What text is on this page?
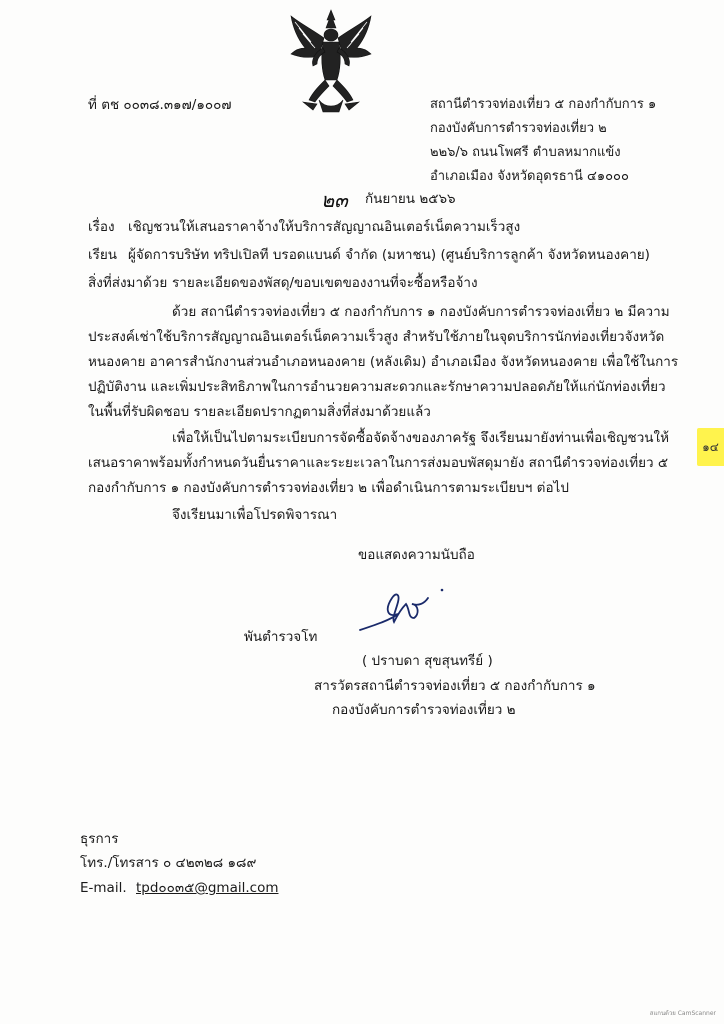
ที่ ตช ๐๐๓๘.๓๑๗/๑๐๐๗	สถานีตำรวจท่องเที่ยว ๕ กองกำกับการ ๑
กองบังคับการตำรวจท่องเที่ยว ๒
๒๒๖/๖ ถนนโพศรี ตำบลหมากแข้ง
อำเภอเมือง จังหวัดอุดรธานี ๔๑๐๐๐
๒๓ กันยายน ๒๕๖๖
เรื่อง เชิญชวนให้เสนอราคาจ้างให้บริการสัญญาณอินเตอร์เน็ตความเร็วสูง
เรียน ผู้จัดการบริษัท ทริปเปิลที บรอดแบนด์ จำกัด (มหาชน) (ศูนย์บริการลูกค้า จังหวัดหนองคาย)
สิ่งที่ส่งมาด้วย รายละเอียดของพัสดุ/ขอบเขตของงานที่จะซื้อหรือจ้าง
ด้วย สถานีตำรวจท่องเที่ยว ๕ กองกำกับการ ๑ กองบังคับการตำรวจท่องเที่ยว ๒ มีความ
ประสงค์เช่าใช้บริการสัญญาณอินเตอร์เน็ตความเร็วสูง สำหรับใช้ภายในจุดบริการนักท่องเที่ยวจังหวัด
หนองคาย อาคารสำนักงานส่วนอำเภอหนองคาย (หลังเดิม) อำเภอเมือง จังหวัดหนองคาย เพื่อใช้ในการ
ปฏิบัติงาน และเพิ่มประสิทธิภาพในการอำนวยความสะดวกและรักษาความปลอดภัยให้แก่นักท่องเที่ยว
ในพื้นที่รับผิดชอบ รายละเอียดปรากฏตามสิ่งที่ส่งมาด้วยแล้ว
เพื่อให้เป็นไปตามระเบียบการจัดซื้อจัดจ้างของภาครัฐ จึงเรียนมายังท่านเพื่อเชิญชวนให้
เสนอราคาพร้อมทั้งกำหนดวันยื่นราคาและระยะเวลาในการส่งมอบพัสดุมายัง สถานีตำรวจท่องเที่ยว ๕
กองกำกับการ ๑ กองบังคับการตำรวจท่องเที่ยว ๒ เพื่อดำเนินการตามระเบียบฯ ต่อไป
จึงเรียนมาเพื่อโปรดพิจารณา
ขอแสดงความนับถือ
พันตำรวจโท
( ปราบดา สุขสุนทรีย์ )
สารวัตรสถานีตำรวจท่องเที่ยว ๕ กองกำกับการ ๑
กองบังคับการตำรวจท่องเที่ยว ๒
ธุรการ
โทร./โทรสาร ๐ ๔๒๓๒๘ ๑๘๙
E-mail. tpd๐๐๓๕@gmail.com
๑๔
สแกนด้วย CamScanner
